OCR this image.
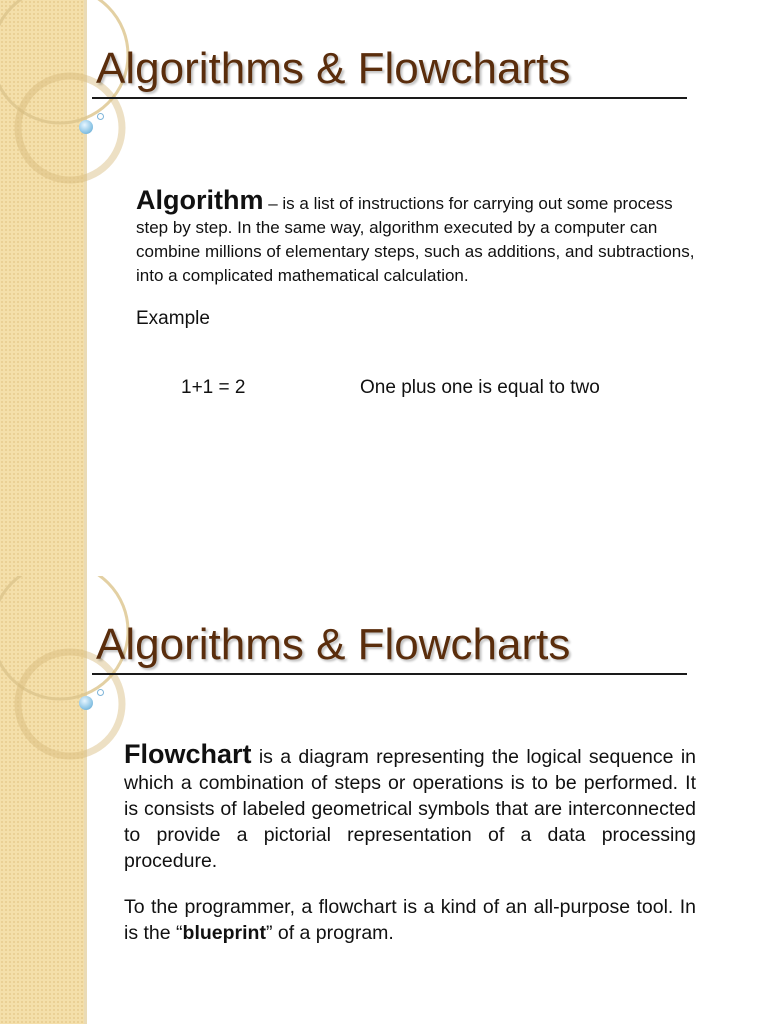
Algorithms & Flowcharts
Algorithm – is a list of instructions for carrying out some process step by step. In the same way, algorithm executed by a computer can combine millions of elementary steps, such as additions, and subtractions, into a complicated mathematical calculation.
Example
1+1 = 2	One plus one is equal to two
Algorithms & Flowcharts
Flowchart is a diagram representing the logical sequence in which a combination of steps or operations is to be performed. It is consists of labeled geometrical symbols that are interconnected to provide a pictorial representation of a data processing procedure.
To the programmer, a flowchart is a kind of an all-purpose tool. In is the “blueprint” of a program.
